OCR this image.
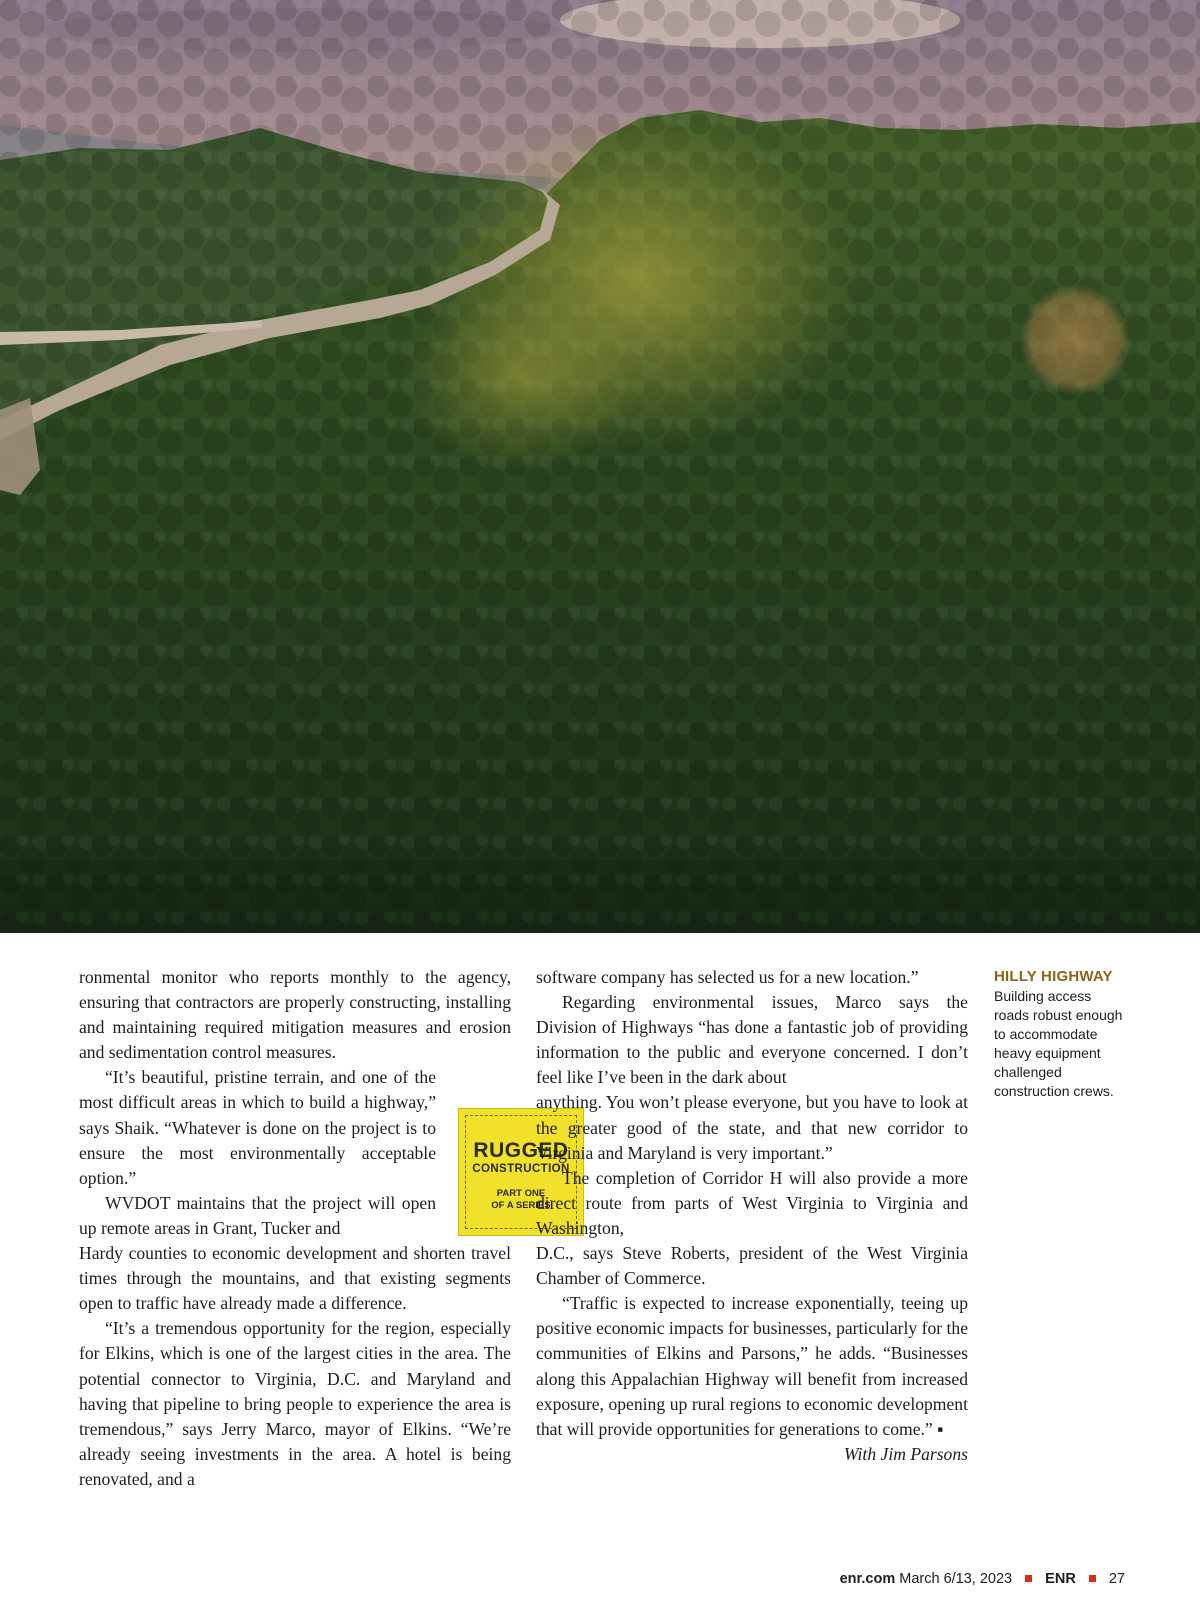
ronmental monitor who reports monthly to the agency, ensuring that contractors are properly constructing, installing and maintaining required mitigation measures and erosion and sedimentation control measures.

“It’s beautiful, pristine terrain, and one of the most difficult areas in which to build a highway,” says Shaik. “Whatever is done on the project is to ensure the most environmentally acceptable option.”

WVDOT maintains that the project will open up remote areas in Grant, Tucker and

Hardy counties to economic development and shorten travel times through the mountains, and that existing segments open to traffic have already made a difference.

“It’s a tremendous opportunity for the region, especially for Elkins, which is one of the largest cities in the area. The potential connector to Virginia, D.C. and Maryland and having that pipeline to bring people to experience the area is tremendous,” says Jerry Marco, mayor of Elkins. “We’re already seeing investments in the area. A hotel is being renovated, and a

RUGGED
CONSTRUCTION
PART ONE
OF A SERIES

software company has selected us for a new location.”

Regarding environmental issues, Marco says the Division of Highways “has done a fantastic job of providing information to the public and everyone concerned. I don’t feel like I’ve been in the dark about

anything. You won’t please everyone, but you have to look at the greater good of the state, and that new corridor to Virginia and Maryland is very important.”

The completion of Corridor H will also provide a more direct route from parts of West Virginia to Virginia and Washington,

D.C., says Steve Roberts, president of the West Virginia Chamber of Commerce.

“Traffic is expected to increase exponentially, teeing up positive economic impacts for businesses, particularly for the communities of Elkins and Parsons,” he adds. “Businesses along this Appalachian Highway will benefit from increased exposure, opening up rural regions to economic development that will provide opportunities for generations to come.” ▪

With Jim Parsons

HILLY HIGHWAY
Building access roads robust enough to accommodate heavy equipment challenged construction crews.
enr.com March 6/13, 2023 ENR 27
